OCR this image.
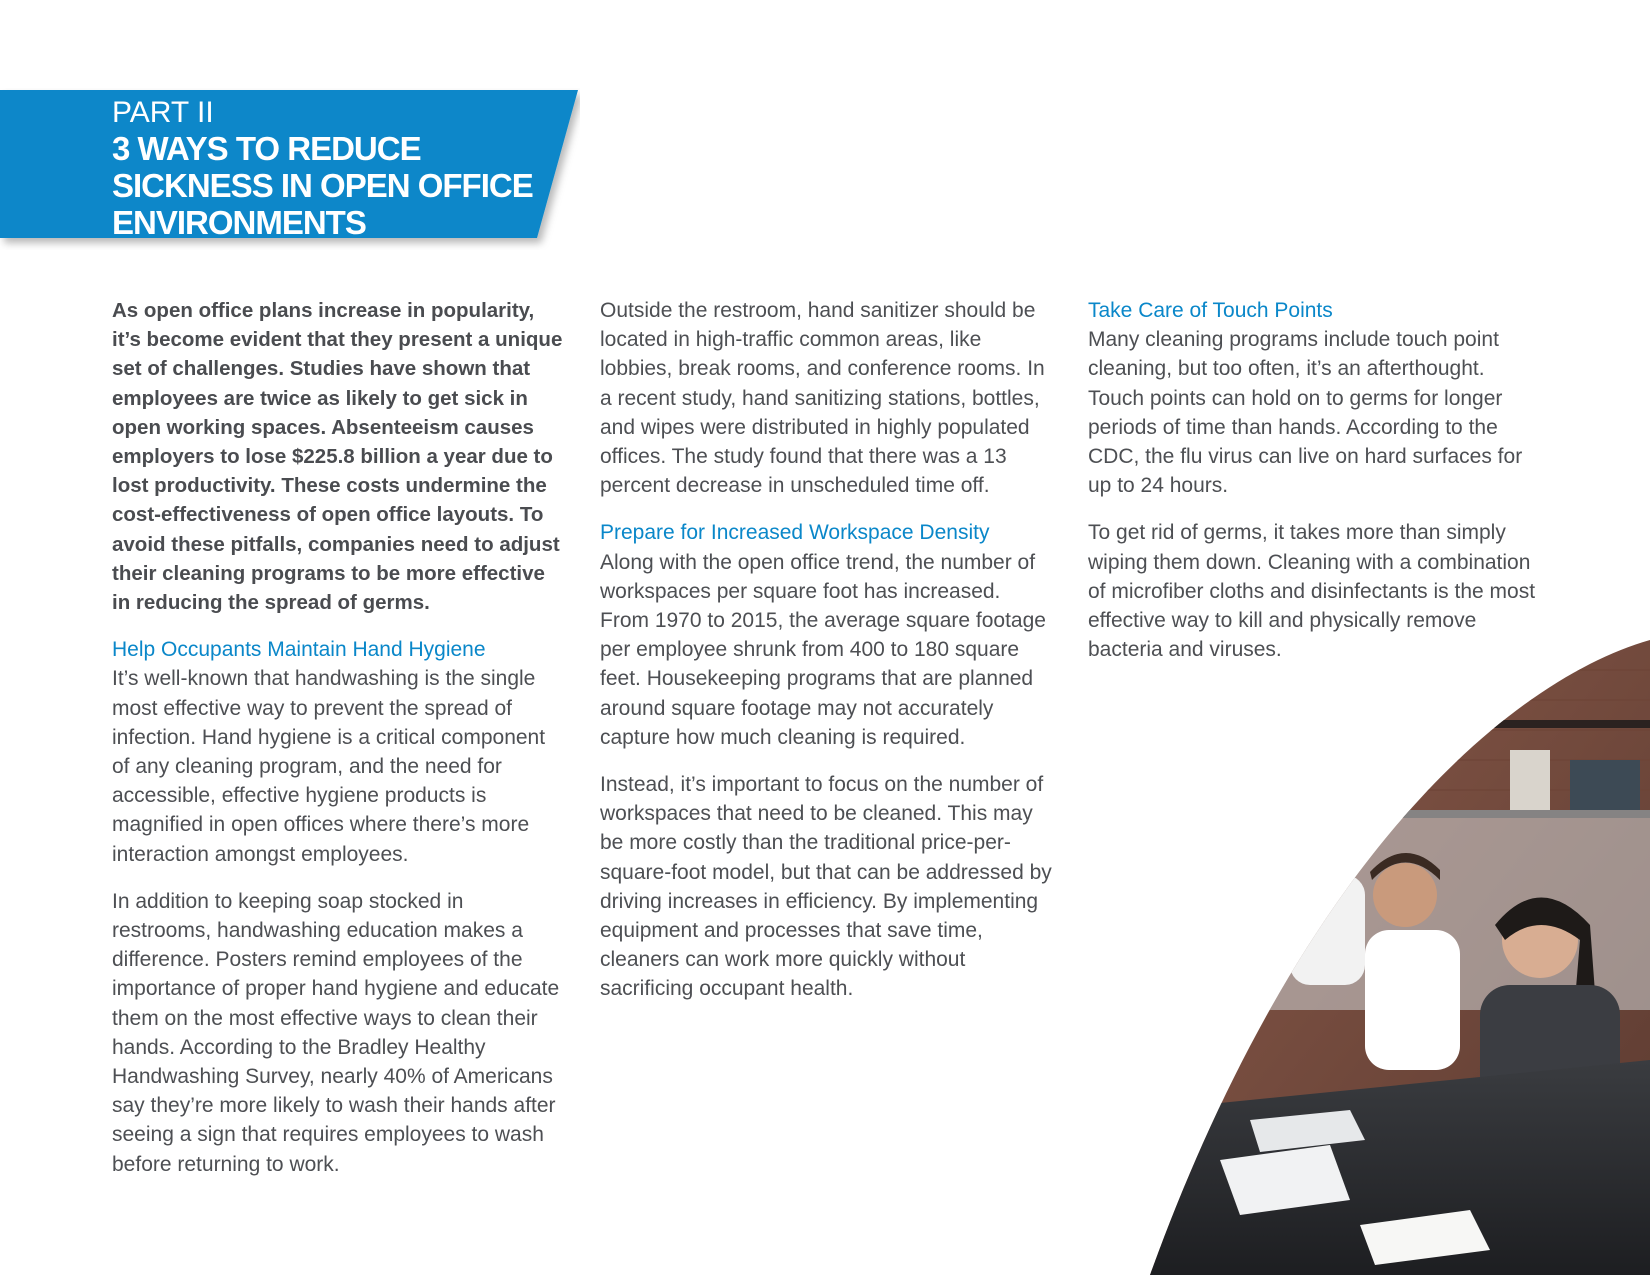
PART II
3 WAYS TO REDUCE
SICKNESS IN OPEN OFFICE
ENVIRONMENTS

As open office plans increase in popularity, it’s become evident that they present a unique set of challenges. Studies have shown that employees are twice as likely to get sick in open working spaces. Absenteeism causes employers to lose $225.8 billion a year due to lost productivity. These costs undermine the cost-effectiveness of open office layouts. To avoid these pitfalls, companies need to adjust their cleaning programs to be more effective in reducing the spread of germs.

Help Occupants Maintain Hand Hygiene

It’s well-known that handwashing is the single most effective way to prevent the spread of infection. Hand hygiene is a critical component of any cleaning program, and the need for accessible, effective hygiene products is magnified in open offices where there’s more interaction amongst employees.

In addition to keeping soap stocked in restrooms, handwashing education makes a difference. Posters remind employees of the importance of proper hand hygiene and educate them on the most effective ways to clean their hands. According to the Bradley Healthy Handwashing Survey, nearly 40% of Americans say they’re more likely to wash their hands after seeing a sign that requires employees to wash before returning to work.

Outside the restroom, hand sanitizer should be located in high-traffic common areas, like lobbies, break rooms, and conference rooms. In a recent study, hand sanitizing stations, bottles, and wipes were distributed in highly populated offices. The study found that there was a 13 percent decrease in unscheduled time off.

Prepare for Increased Workspace Density

Along with the open office trend, the number of workspaces per square foot has increased. From 1970 to 2015, the average square footage per employee shrunk from 400 to 180 square feet. Housekeeping programs that are planned around square footage may not accurately capture how much cleaning is required.

Instead, it’s important to focus on the number of workspaces that need to be cleaned. This may be more costly than the traditional price-per-square-foot model, but that can be addressed by driving increases in efficiency. By implementing equipment and processes that save time, cleaners can work more quickly without sacrificing occupant health.

Take Care of Touch Points

Many cleaning programs include touch point cleaning, but too often, it’s an afterthought. Touch points can hold on to germs for longer periods of time than hands. According to the CDC, the flu virus can live on hard surfaces for up to 24 hours.

To get rid of germs, it takes more than simply wiping them down. Cleaning with a combination of microfiber cloths and disinfectants is the most effective way to kill and physically remove bacteria and viruses.
